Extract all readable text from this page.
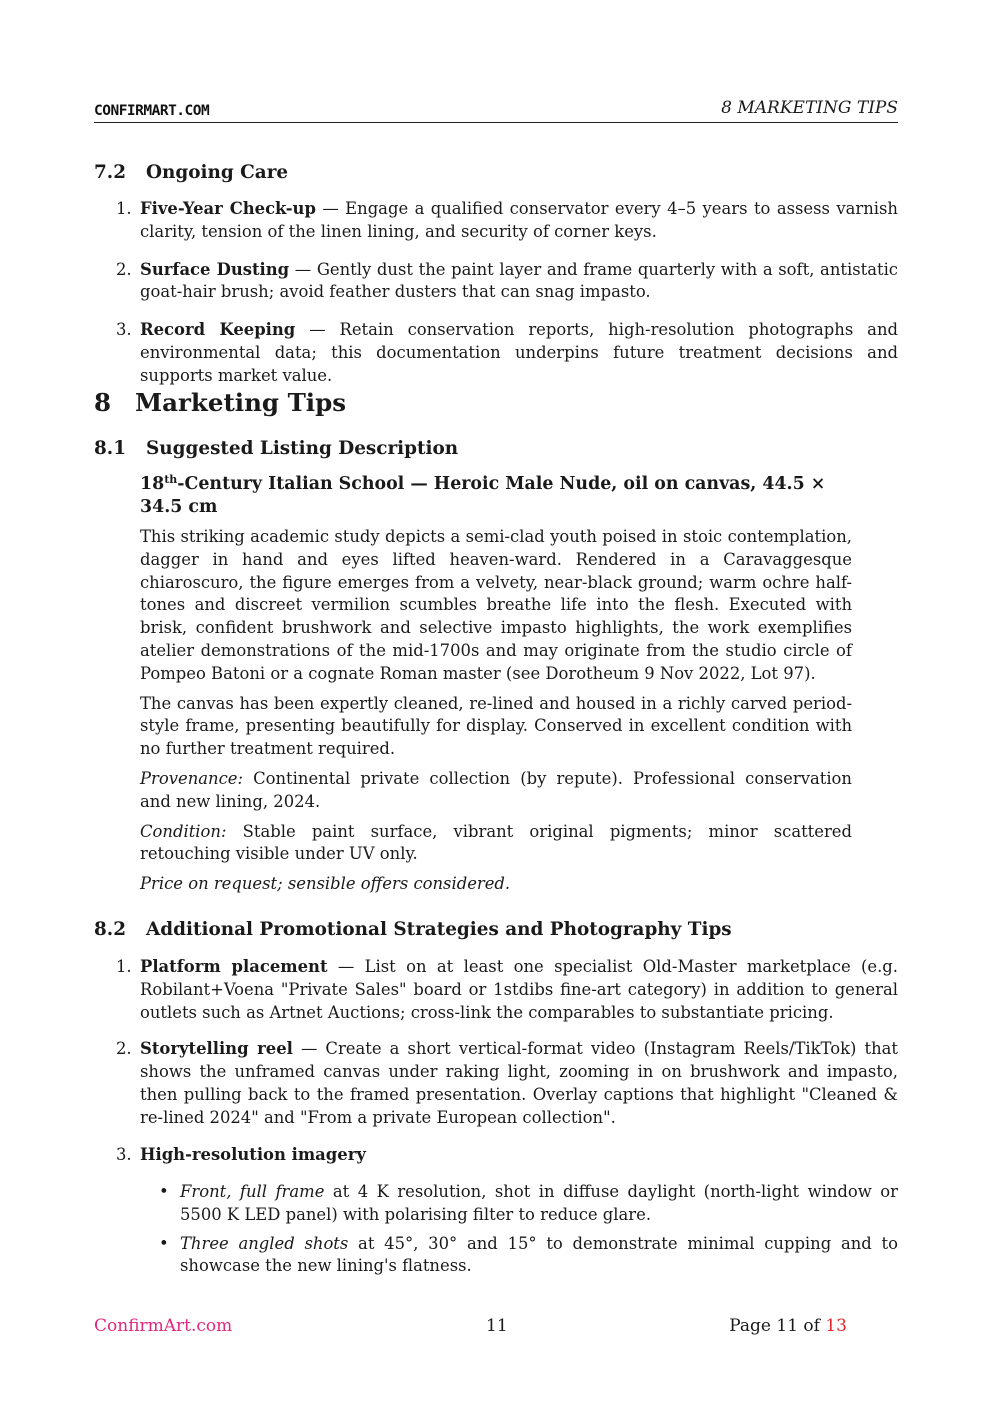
CONFIRMART.COM	8 MARKETING TIPS
7.2 Ongoing Care
1. Five-Year Check-up — Engage a qualified conservator every 4–5 years to assess varnish clarity, tension of the linen lining, and security of corner keys.
2. Surface Dusting — Gently dust the paint layer and frame quarterly with a soft, antistatic goat-hair brush; avoid feather dusters that can snag impasto.
3. Record Keeping — Retain conservation reports, high-resolution photographs and environmental data; this documentation underpins future treatment decisions and supports market value.
8 Marketing Tips
8.1 Suggested Listing Description

18th-Century Italian School — Heroic Male Nude, oil on canvas, 44.5 × 34.5 cm

This striking academic study depicts a semi-clad youth poised in stoic contemplation, dagger in hand and eyes lifted heaven-ward. Rendered in a Caravaggesque chiaroscuro, the figure emerges from a velvety, near-black ground; warm ochre half-tones and discreet vermilion scumbles breathe life into the flesh. Executed with brisk, confident brushwork and selective impasto highlights, the work exemplifies atelier demonstrations of the mid-1700s and may originate from the studio circle of Pompeo Batoni or a cognate Roman master (see Dorotheum 9 Nov 2022, Lot 97).

The canvas has been expertly cleaned, re-lined and housed in a richly carved period-style frame, presenting beautifully for display. Conserved in excellent condition with no further treatment required.

Provenance: Continental private collection (by repute). Professional conservation and new lining, 2024.

Condition: Stable paint surface, vibrant original pigments; minor scattered retouching visible under UV only.

Price on request; sensible offers considered.

8.2 Additional Promotional Strategies and Photography Tips
1. Platform placement — List on at least one specialist Old-Master marketplace (e.g. Robilant+Voena "Private Sales" board or 1stdibs fine-art category) in addition to general outlets such as Artnet Auctions; cross-link the comparables to substantiate pricing.
2. Storytelling reel — Create a short vertical-format video (Instagram Reels/TikTok) that shows the unframed canvas under raking light, zooming in on brushwork and impasto, then pulling back to the framed presentation. Overlay captions that highlight "Cleaned & re-lined 2024" and "From a private European collection".
3. High-resolution imagery
• Front, full frame at 4 K resolution, shot in diffuse daylight (north-light window or 5500 K LED panel) with polarising filter to reduce glare.
• Three angled shots at 45°, 30° and 15° to demonstrate minimal cupping and to showcase the new lining's flatness.
ConfirmArt.com	11	Page 11 of 13
